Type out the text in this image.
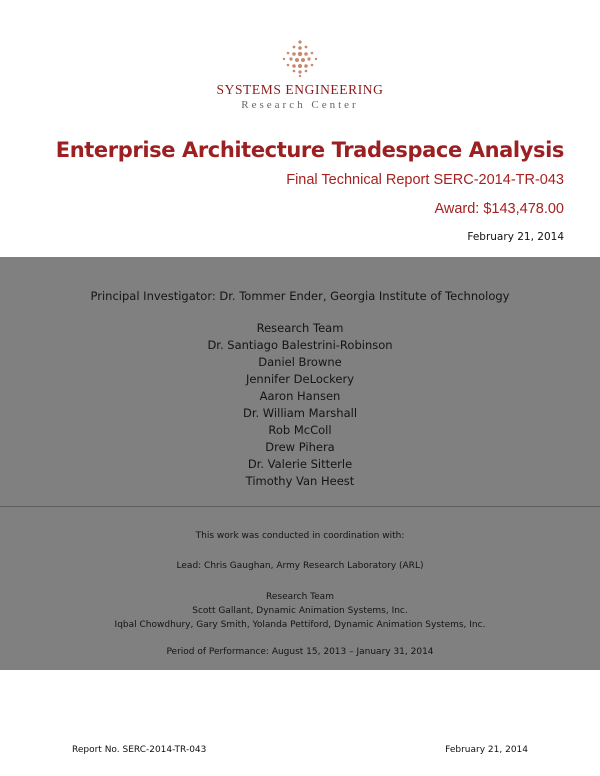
SYSTEMS ENGINEERING
Research Center
Enterprise Architecture Tradespace Analysis
Final Technical Report SERC-2014-TR-043
Award: $143,478.00
February 21, 2014
Principal Investigator: Dr. Tommer Ender, Georgia Institute of Technology
Research Team
Dr. Santiago Balestrini-Robinson
Daniel Browne
Jennifer DeLockery
Aaron Hansen
Dr. William Marshall
Rob McColl
Drew Pihera
Dr. Valerie Sitterle
Timothy Van Heest
This work was conducted in coordination with:
Lead: Chris Gaughan, Army Research Laboratory (ARL)
Research Team
Scott Gallant, Dynamic Animation Systems, Inc.
Iqbal Chowdhury, Gary Smith, Yolanda Pettiford, Dynamic Animation Systems, Inc.
Period of Performance: August 15, 2013 – January 31, 2014
Report No. SERC-2014-TR-043	February 21, 2014
